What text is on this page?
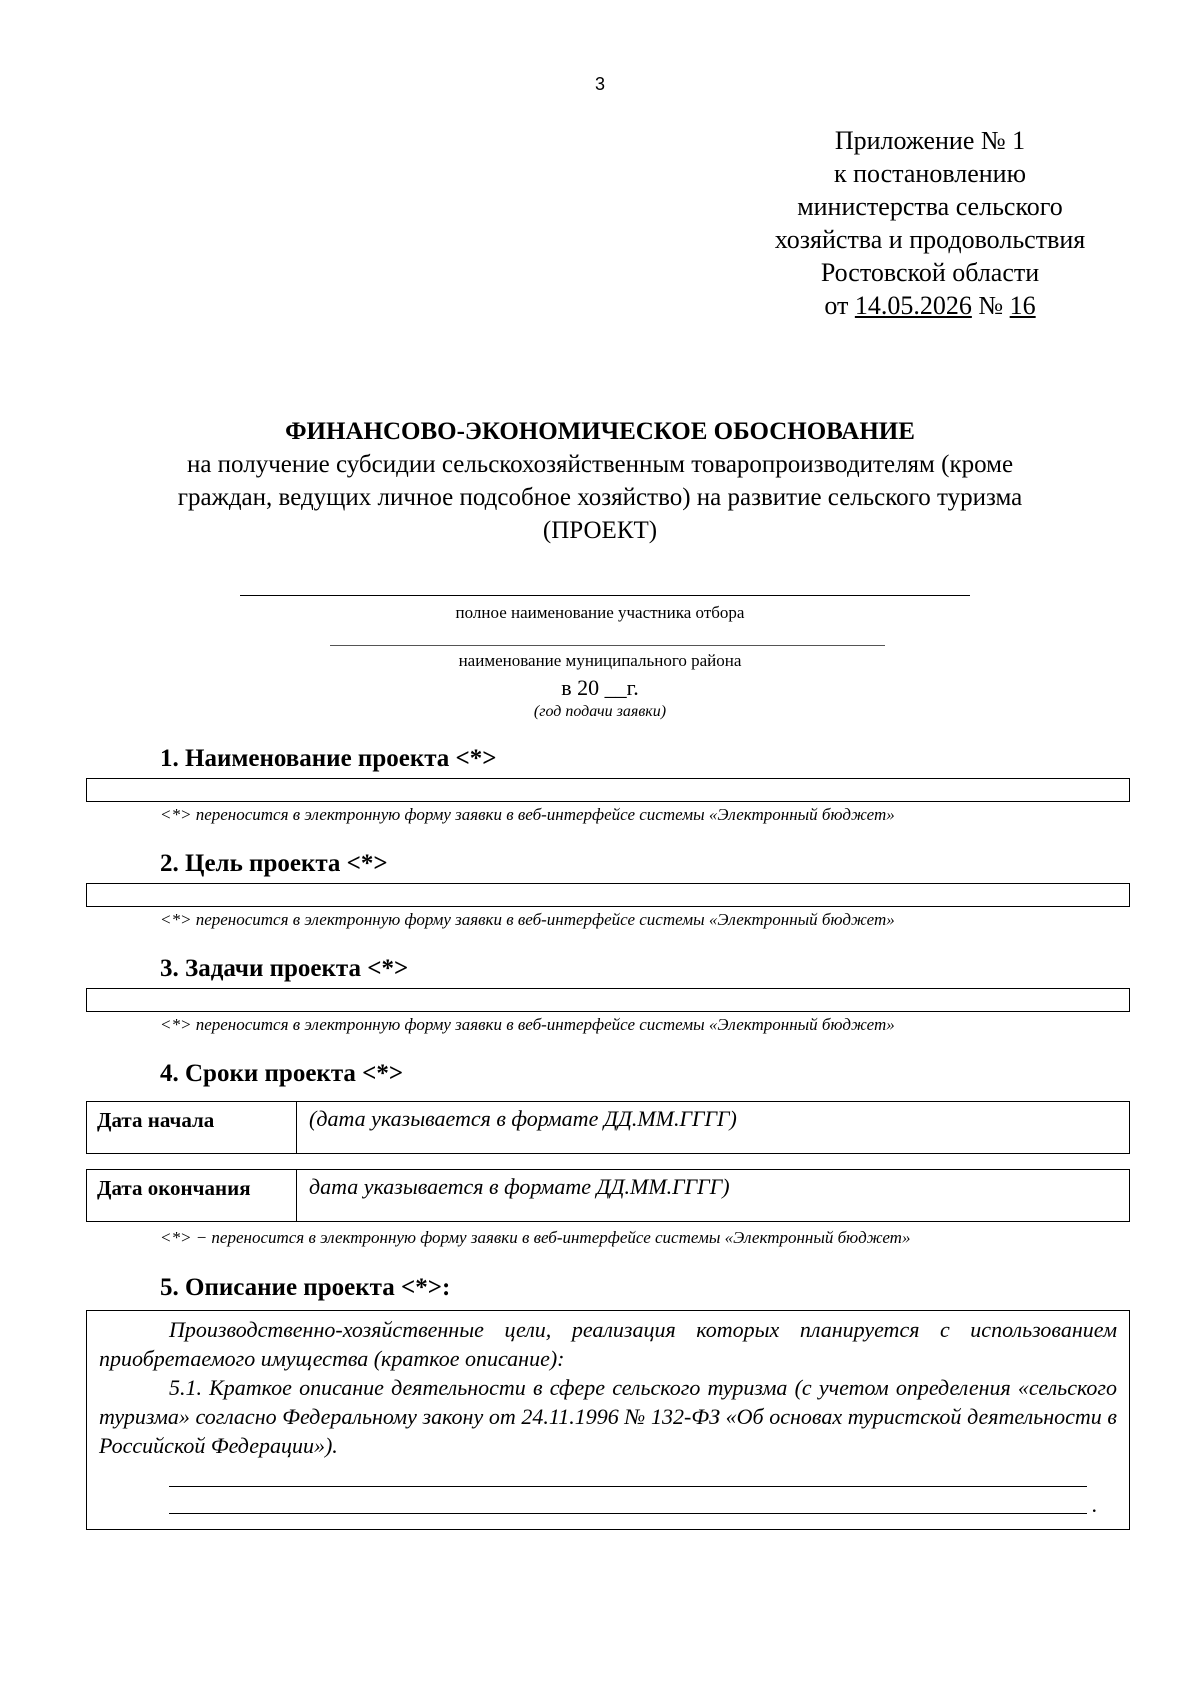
3
Приложение № 1
к постановлению
министерства сельского
хозяйства и продовольствия
Ростовской области
от 14.05.2026 № 16
ФИНАНСОВО-ЭКОНОМИЧЕСКОЕ ОБОСНОВАНИЕ
на получение субсидии сельскохозяйственным товаропроизводителям (кроме
граждан, ведущих личное подсобное хозяйство) на развитие сельского туризма
(ПРОЕКТ)
полное наименование участника отбора
наименование муниципального района
в 20 __г.
(год подачи заявки)
1. Наименование проекта <*>
<*> переносится в электронную форму заявки в веб-интерфейсе системы «Электронный бюджет»
2. Цель проекта <*>
<*> переносится в электронную форму заявки в веб-интерфейсе системы «Электронный бюджет»
3. Задачи проекта <*>
<*> переносится в электронную форму заявки в веб-интерфейсе системы «Электронный бюджет»
4. Сроки проекта <*>
Дата начала	(дата указывается в формате ДД.ММ.ГГГГ)
Дата окончания	дата указывается в формате ДД.ММ.ГГГГ)
<*> − переносится в электронную форму заявки в веб-интерфейсе системы «Электронный бюджет»
5. Описание проекта <*>:

Производственно-хозяйственные цели, реализация которых планируется с использованием приобретаемого имущества (краткое описание):

5.1. Краткое описание деятельности в сфере сельского туризма (с учетом определения «сельского туризма» согласно Федеральному закону от 24.11.1996 № 132-ФЗ «Об основах туристской деятельности в Российской Федерации»).

.
